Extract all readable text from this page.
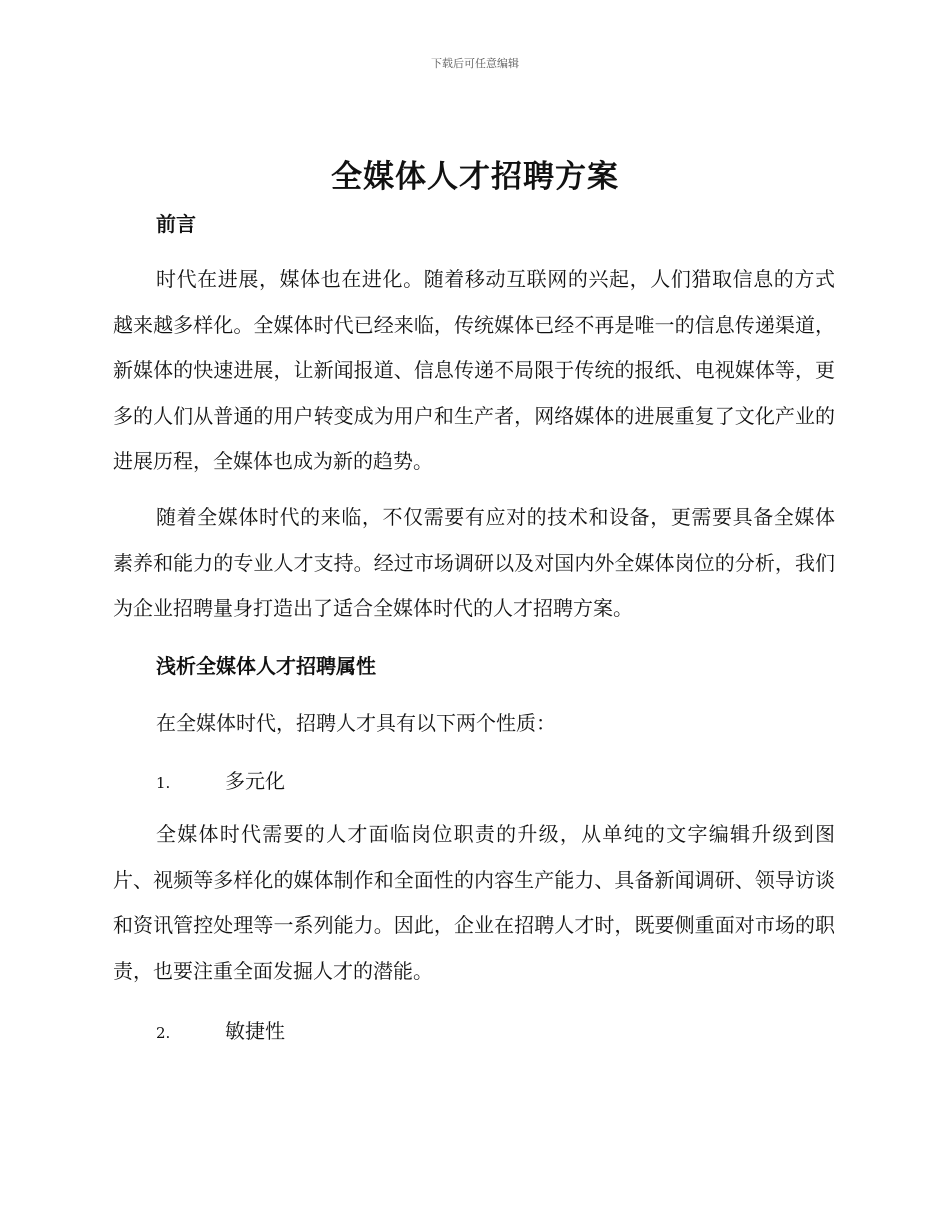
下载后可任意编辑
全媒体人才招聘方案
前言
时代在进展，媒体也在进化。随着移动互联网的兴起，人们猎取信息的方式越来越多样化。全媒体时代已经来临，传统媒体已经不再是唯一的信息传递渠道，新媒体的快速进展，让新闻报道、信息传递不局限于传统的报纸、电视媒体等，更多的人们从普通的用户转变成为用户和生产者，网络媒体的进展重复了文化产业的进展历程，全媒体也成为新的趋势。
随着全媒体时代的来临，不仅需要有应对的技术和设备，更需要具备全媒体素养和能力的专业人才支持。经过市场调研以及对国内外全媒体岗位的分析，我们为企业招聘量身打造出了适合全媒体时代的人才招聘方案。
浅析全媒体人才招聘属性
在全媒体时代，招聘人才具有以下两个性质：
1.	多元化
全媒体时代需要的人才面临岗位职责的升级，从单纯的文字编辑升级到图片、视频等多样化的媒体制作和全面性的内容生产能力、具备新闻调研、领导访谈和资讯管控处理等一系列能力。因此，企业在招聘人才时，既要侧重面对市场的职责，也要注重全面发掘人才的潜能。
2.	敏捷性
